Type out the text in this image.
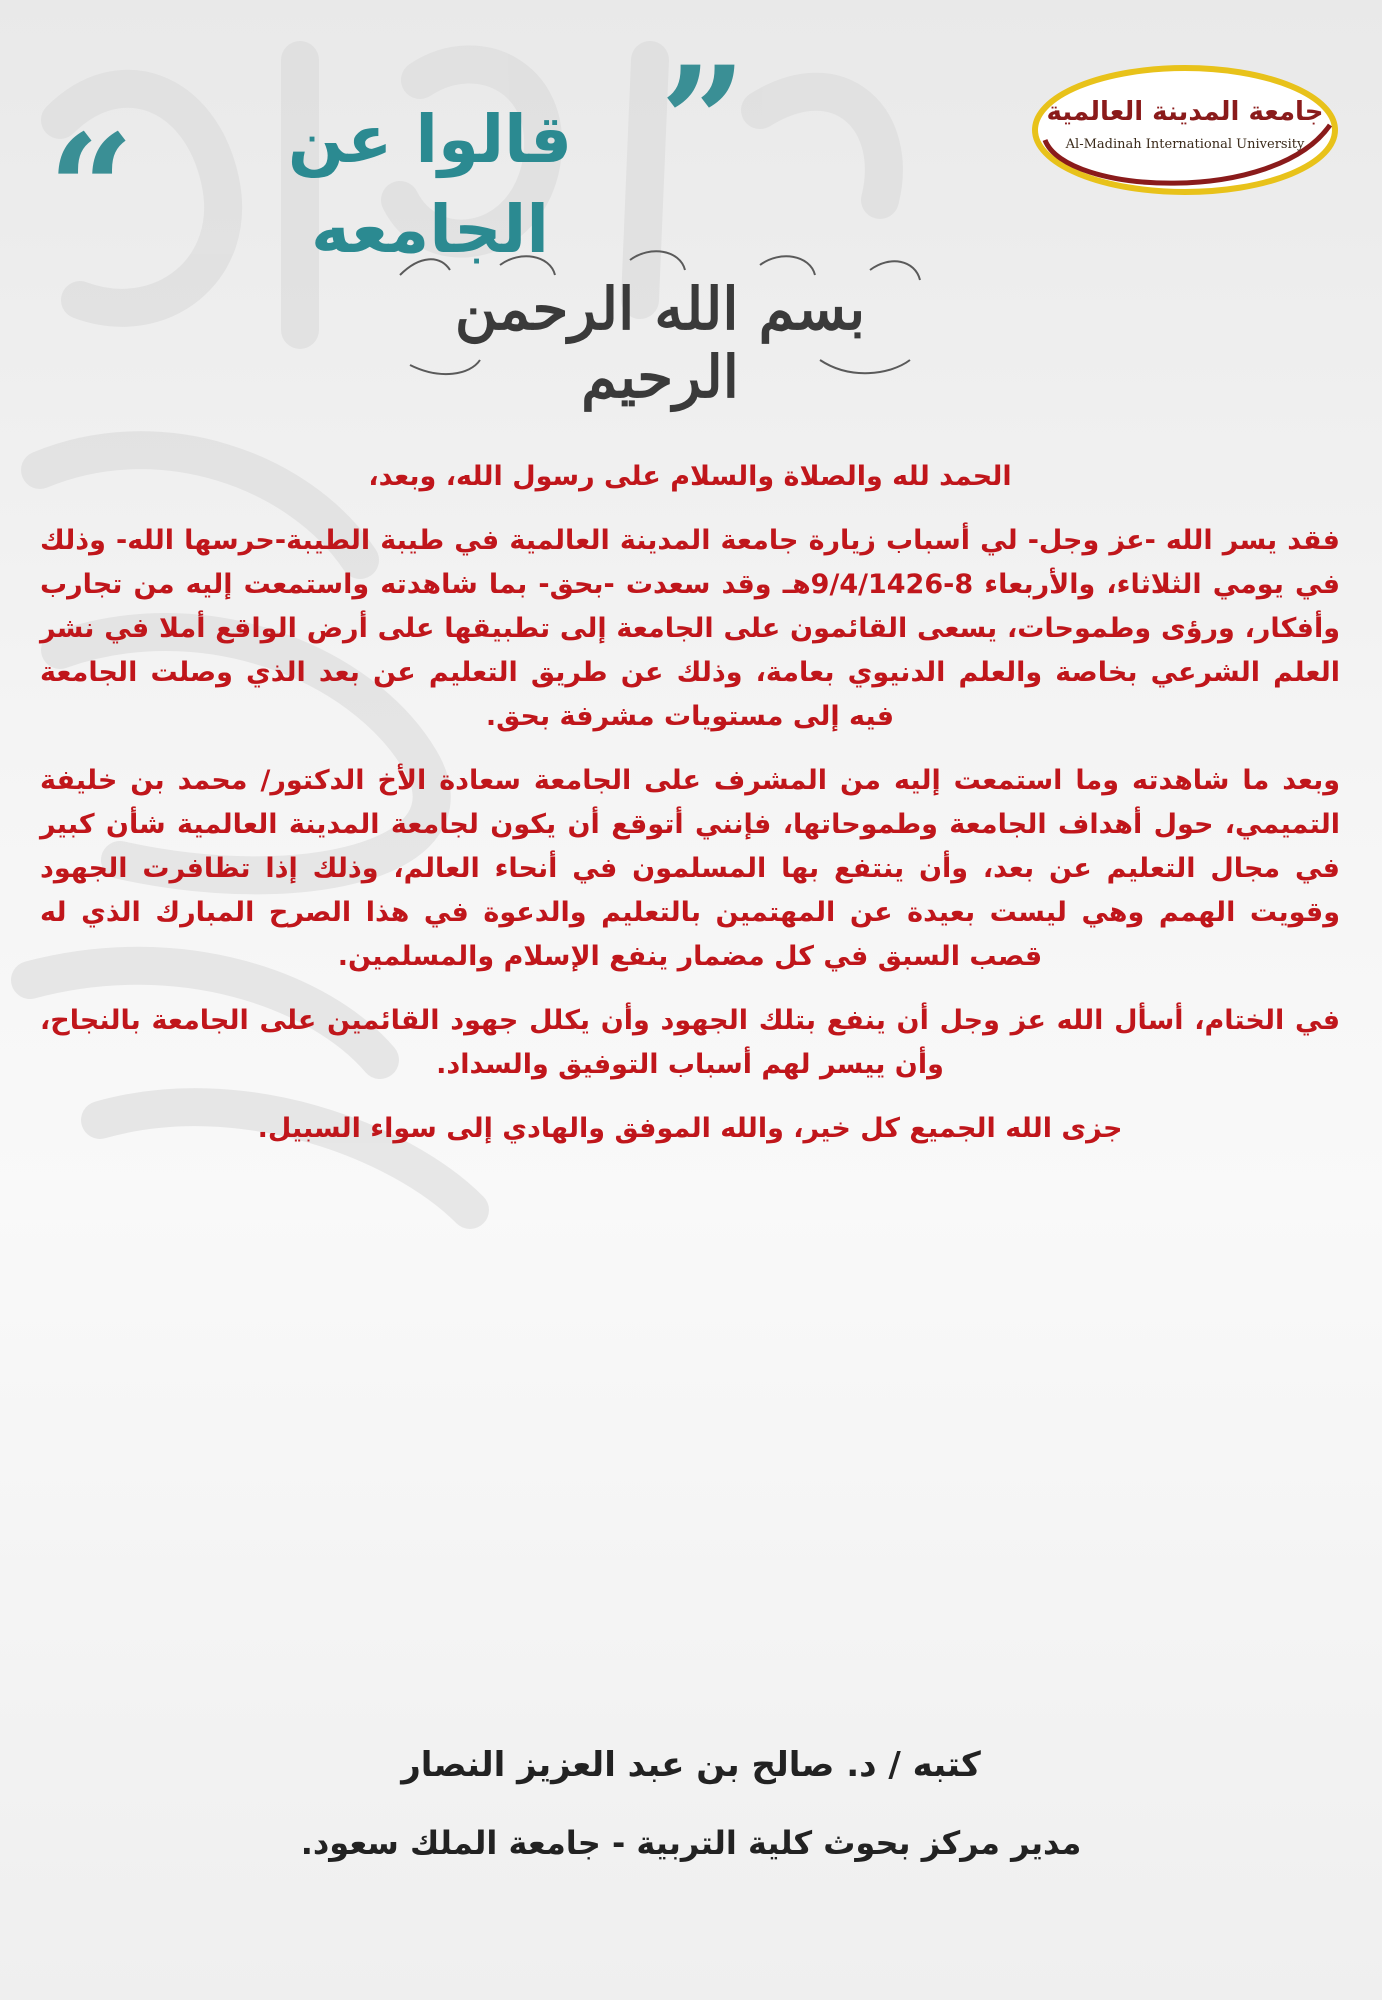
“	قالوا عن الجامعه
”	جامعة المدينة العالمية
Al-Madinah International University
بسم الله الرحمن الرحيم

الحمد لله والصلاة والسلام على رسول الله، وبعد،

فقد يسر الله -عز وجل- لي أسباب زيارة جامعة المدينة العالمية في طيبة الطيبة-حرسها الله- وذلك في يومي الثلاثاء، والأربعاء 8-9/4/1426هـ وقد سعدت -بحق- بما شاهدته واستمعت إليه من تجارب وأفكار، ورؤى وطموحات، يسعى القائمون على الجامعة إلى تطبيقها على أرض الواقع أملا في نشر العلم الشرعي بخاصة والعلم الدنيوي بعامة، وذلك عن طريق التعليم عن بعد الذي وصلت الجامعة فيه إلى مستويات مشرفة بحق.

وبعد ما شاهدته وما استمعت إليه من المشرف على الجامعة سعادة الأخ الدكتور/ محمد بن خليفة التميمي، حول أهداف الجامعة وطموحاتها، فإنني أتوقع أن يكون لجامعة المدينة العالمية شأن كبير في مجال التعليم عن بعد، وأن ينتفع بها المسلمون في أنحاء العالم، وذلك إذا تظافرت الجهود وقويت الهمم وهي ليست بعيدة عن المهتمين بالتعليم والدعوة في هذا الصرح المبارك الذي له قصب السبق في كل مضمار ينفع الإسلام والمسلمين.

في الختام، أسأل الله عز وجل أن ينفع بتلك الجهود وأن يكلل جهود القائمين على الجامعة بالنجاح، وأن ييسر لهم أسباب التوفيق والسداد.

جزى الله الجميع كل خير، والله الموفق والهادي إلى سواء السبيل.

كتبه / د. صالح بن عبد العزيز النصار
مدير مركز بحوث كلية التربية - جامعة الملك سعود.
